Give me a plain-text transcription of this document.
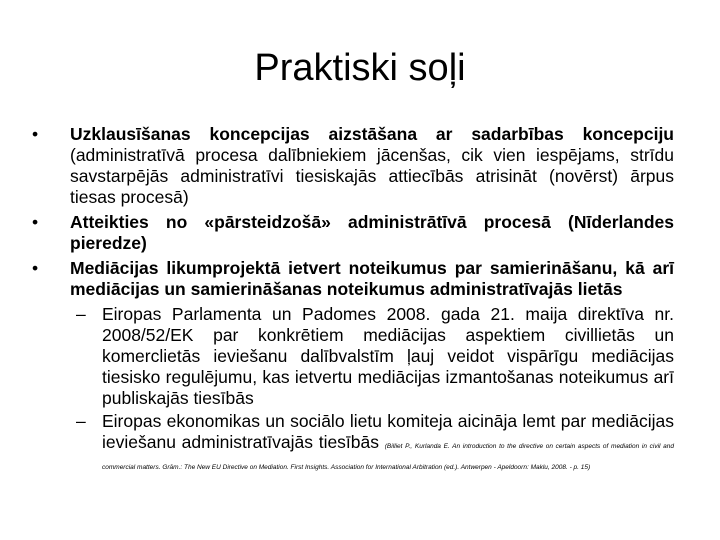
Praktiski soļi
• Uzklausīšanas koncepcijas aizstāšana ar sadarbības koncepciju (administratīvā procesa dalībniekiem jācenšas, cik vien iespējams, strīdu savstarpējās administratīvi tiesiskajās attiecībās atrisināt (novērst) ārpus tiesas procesā)
• Atteikties no «pārsteidzošā» administrātīvā procesā (Nīderlandes pieredze)
• Mediācijas likumprojektā ietvert noteikumus par samierināšanu, kā arī mediācijas un samierināšanas noteikumus administratīvajās lietās
– Eiropas Parlamenta un Padomes 2008. gada 21. maija direktīva nr. 2008/52/EK par konkrētiem mediācijas aspektiem civillietās un komerclietās ieviešanu dalībvalstīm ļauj veidot vispārīgu mediācijas tiesisko regulējumu, kas ietvertu mediācijas izmantošanas noteikumus arī publiskajās tiesībās
– Eiropas ekonomikas un sociālo lietu komiteja aicināja lemt par mediācijas ieviešanu administratīvajās tiesībās (Billiet P., Kurlanda E. An introduction to the directive on certain aspects of mediation in civil and commercial matters. Grām.: The New EU Directive on Mediation. First Insights. Association for International Arbitration (ed.). Antwerpen - Apeldoorn: Maklu, 2008. - p. 15)
